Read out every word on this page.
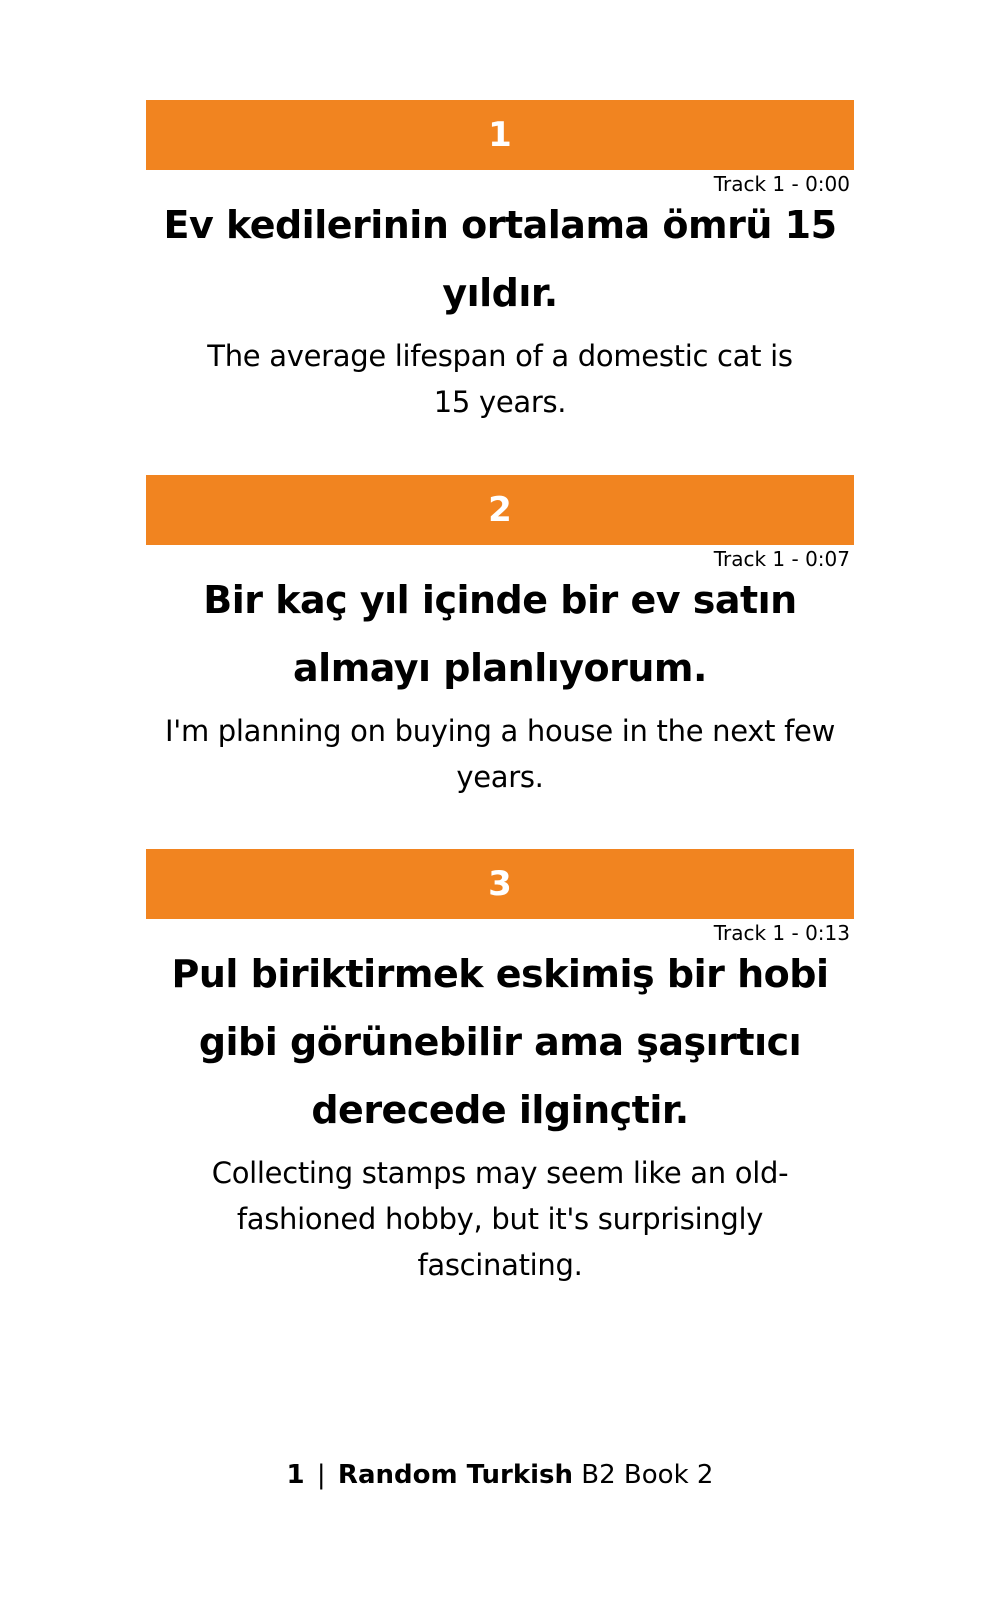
1
Track 1 - 0:00
Ev kedilerinin ortalama ömrü 15 yıldır.
The average lifespan of a domestic cat is 15 years.
2
Track 1 - 0:07
Bir kaç yıl içinde bir ev satın almayı planlıyorum.
I'm planning on buying a house in the next few years.
3
Track 1 - 0:13
Pul biriktirmek eskimiş bir hobi gibi görünebilir ama şaşırtıcı derecede ilginçtir.
Collecting stamps may seem like an old-fashioned hobby, but it's surprisingly fascinating.
1 | Random Turkish B2 Book 2
